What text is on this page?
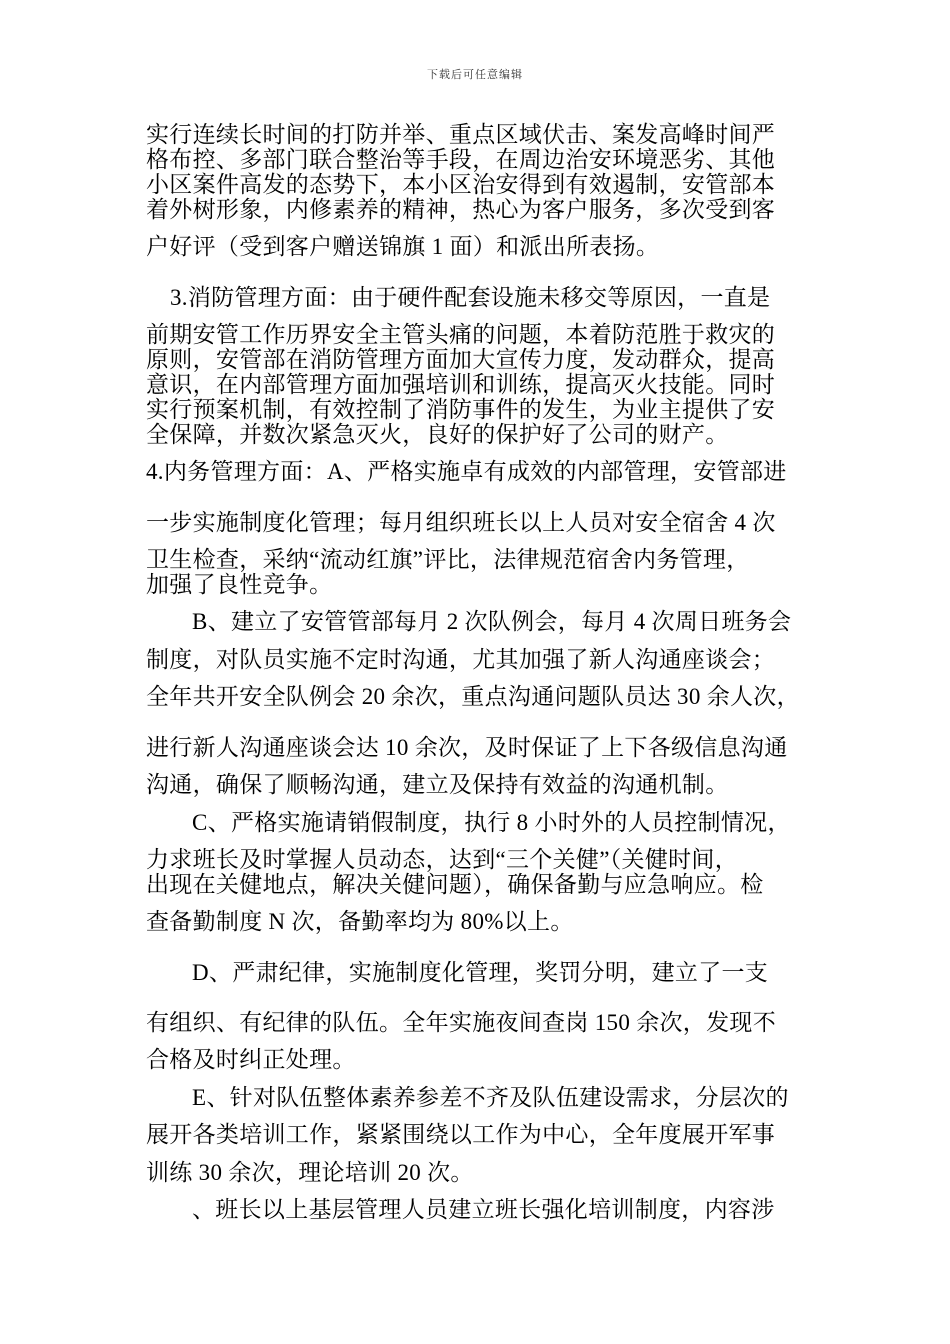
下载后可任意编辑
实行连续长时间的打防并举、重点区域伏击、案发高峰时间严
格布控、多部门联合整治等手段，在周边治安环境恶劣、其他
小区案件高发的态势下，本小区治安得到有效遏制，安管部本
着外树形象，内修素养的精神，热心为客户服务，多次受到客
户好评（受到客户赠送锦旗 1 面）和派出所表扬。
3.消防管理方面：由于硬件配套设施未移交等原因，一直是
前期安管工作历界安全主管头痛的问题，本着防范胜于救灾的
原则，安管部在消防管理方面加大宣传力度，发动群众，提高
意识，在内部管理方面加强培训和训练，提高灭火技能。同时
实行预案机制，有效控制了消防事件的发生，为业主提供了安
全保障，并数次紧急灭火，良好的保护好了公司的财产。
4.内务管理方面：A、严格实施卓有成效的内部管理，安管部进
一步实施制度化管理；每月组织班长以上人员对安全宿舍 4 次
卫生检查，采纳“流动红旗”评比，法律规范宿舍内务管理，
加强了良性竞争。
B、建立了安管管部每月 2 次队例会，每月 4 次周日班务会
制度，对队员实施不定时沟通，尤其加强了新人沟通座谈会；
全年共开安全队例会 20 余次，重点沟通问题队员达 30 余人次，
进行新人沟通座谈会达 10 余次，及时保证了上下各级信息沟通
沟通，确保了顺畅沟通，建立及保持有效益的沟通机制。
C、严格实施请销假制度，执行 8 小时外的人员控制情况，
力求班长及时掌握人员动态，达到“三个关健”（关健时间，
出现在关健地点，解决关健问题），确保备勤与应急响应。检
查备勤制度 N 次，备勤率均为 80%以上。
D、严肃纪律，实施制度化管理，奖罚分明，建立了一支
有组织、有纪律的队伍。全年实施夜间查岗 150 余次，发现不
合格及时纠正处理。
E、针对队伍整体素养参差不齐及队伍建设需求，分层次的
展开各类培训工作，紧紧围绕以工作为中心，全年度展开军事
训练 30 余次，理论培训 20 次。
、班长以上基层管理人员建立班长强化培训制度，内容涉
